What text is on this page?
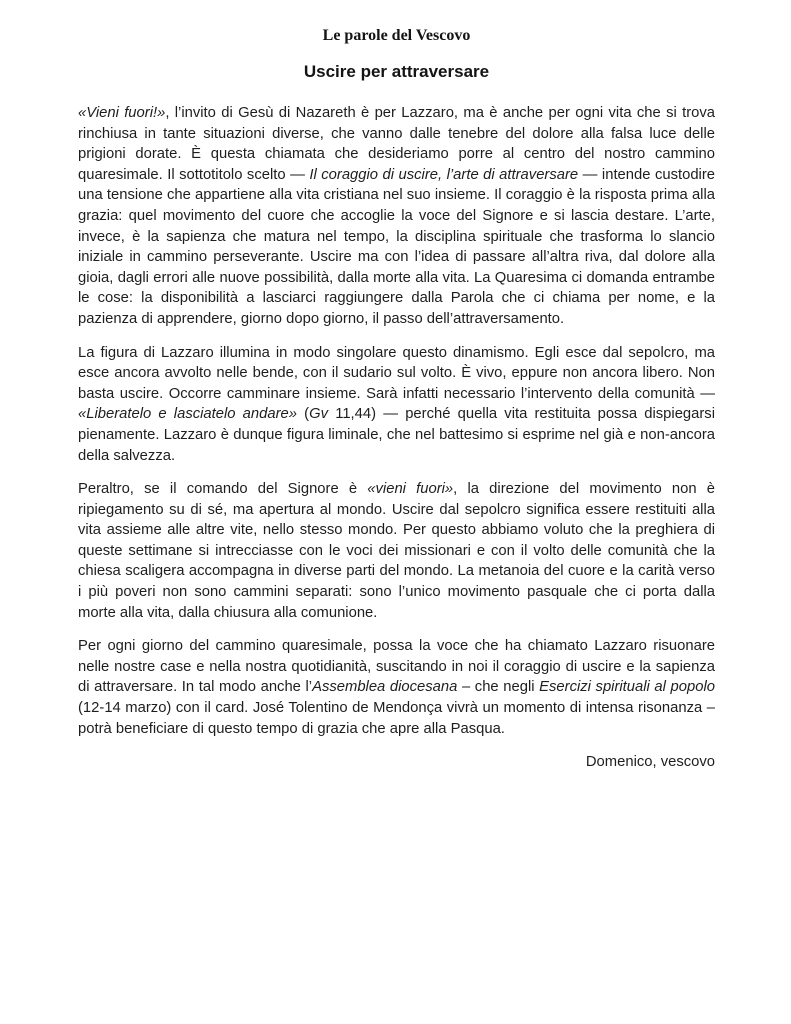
Le parole del Vescovo
Uscire per attraversare

«Vieni fuori!», l’invito di Gesù di Nazareth è per Lazzaro, ma è anche per ogni vita che si trova rinchiusa in tante situazioni diverse, che vanno dalle tenebre del dolore alla falsa luce delle prigioni dorate. È questa chiamata che desideriamo porre al centro del nostro cammino quaresimale. Il sottotitolo scelto — Il coraggio di uscire, l’arte di attraversare — intende custodire una tensione che appartiene alla vita cristiana nel suo insieme. Il coraggio è la risposta prima alla grazia: quel movimento del cuore che accoglie la voce del Signore e si lascia destare. L’arte, invece, è la sapienza che matura nel tempo, la disciplina spirituale che trasforma lo slancio iniziale in cammino perseverante. Uscire ma con l’idea di passare all’altra riva, dal dolore alla gioia, dagli errori alle nuove possibilità, dalla morte alla vita. La Quaresima ci domanda entrambe le cose: la disponibilità a lasciarci raggiungere dalla Parola che ci chiama per nome, e la pazienza di apprendere, giorno dopo giorno, il passo dell’attraversamento.

La figura di Lazzaro illumina in modo singolare questo dinamismo. Egli esce dal sepolcro, ma esce ancora avvolto nelle bende, con il sudario sul volto. È vivo, eppure non ancora libero. Non basta uscire. Occorre camminare insieme. Sarà infatti necessario l’intervento della comunità — «Liberatelo e lasciatelo andare» (Gv 11,44) — perché quella vita restituita possa dispiegarsi pienamente. Lazzaro è dunque figura liminale, che nel battesimo si esprime nel già e non-ancora della salvezza.

Peraltro, se il comando del Signore è «vieni fuori», la direzione del movimento non è ripiegamento su di sé, ma apertura al mondo. Uscire dal sepolcro significa essere restituiti alla vita assieme alle altre vite, nello stesso mondo. Per questo abbiamo voluto che la preghiera di queste settimane si intrecciasse con le voci dei missionari e con il volto delle comunità che la chiesa scaligera accompagna in diverse parti del mondo. La metanoia del cuore e la carità verso i più poveri non sono cammini separati: sono l’unico movimento pasquale che ci porta dalla morte alla vita, dalla chiusura alla comunione.

Per ogni giorno del cammino quaresimale, possa la voce che ha chiamato Lazzaro risuonare nelle nostre case e nella nostra quotidianità, suscitando in noi il coraggio di uscire e la sapienza di attraversare. In tal modo anche l’Assemblea diocesana – che negli Esercizi spirituali al popolo (12-14 marzo) con il card. José Tolentino de Mendonça vivrà un momento di intensa risonanza – potrà beneficiare di questo tempo di grazia che apre alla Pasqua.

Domenico, vescovo
